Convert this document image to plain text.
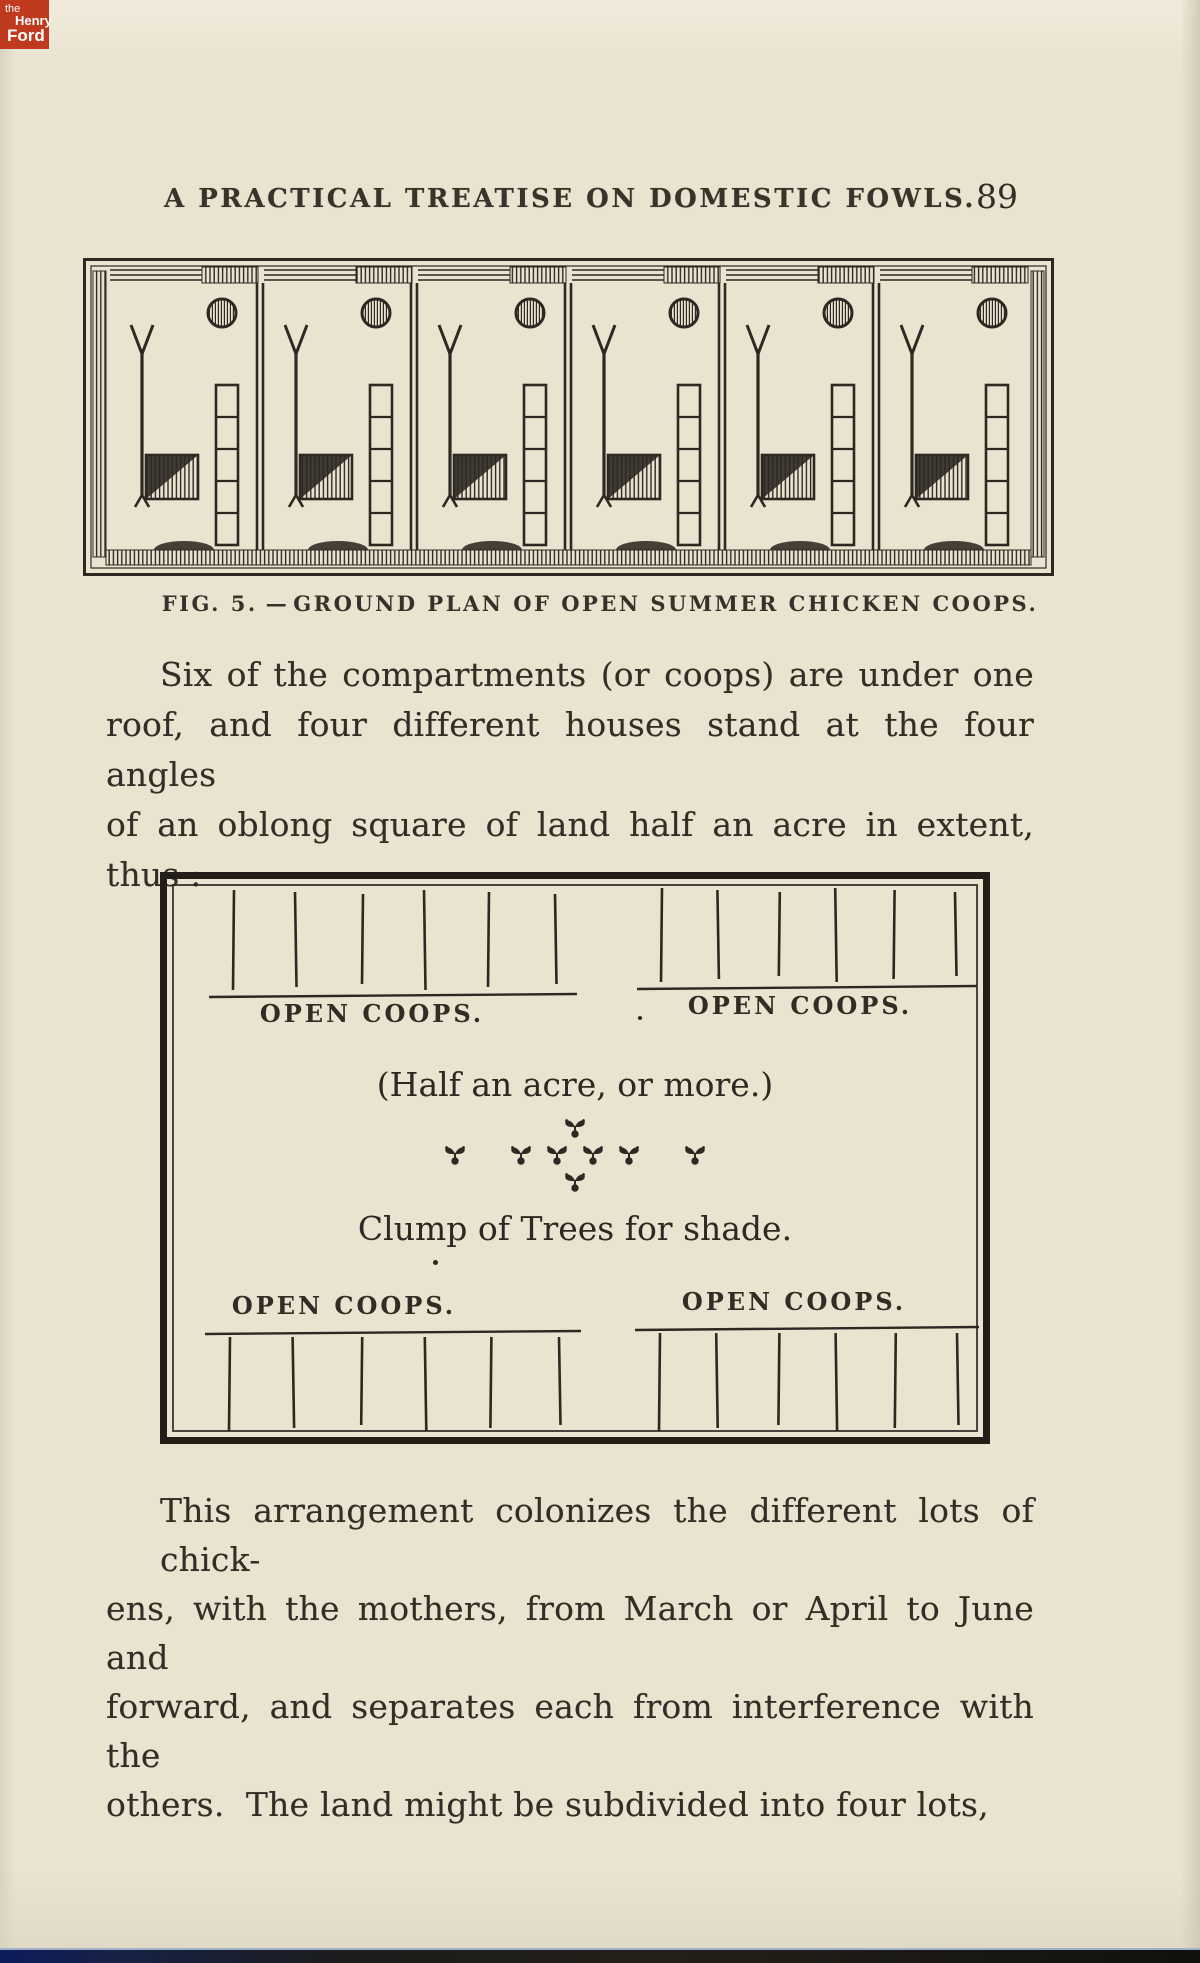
the
Henry
Ford
A PRACTICAL TREATISE ON DOMESTIC FOWLS. 89
FIG. 5. — GROUND PLAN OF OPEN SUMMER CHICKEN COOPS.
Six of the compartments (or coops) are under one
roof, and four different houses stand at the four angles
of an oblong square of land half an acre in extent,
thus :
OPEN COOPS.	OPEN COOPS.
(Half an acre, or more.)
Clump of Trees for shade.
OPEN COOPS.	OPEN COOPS.
This arrangement colonizes the different lots of chick-
ens, with the mothers, from March or April to June and
forward, and separates each from interference with the
others.  The land might be subdivided into four lots,
